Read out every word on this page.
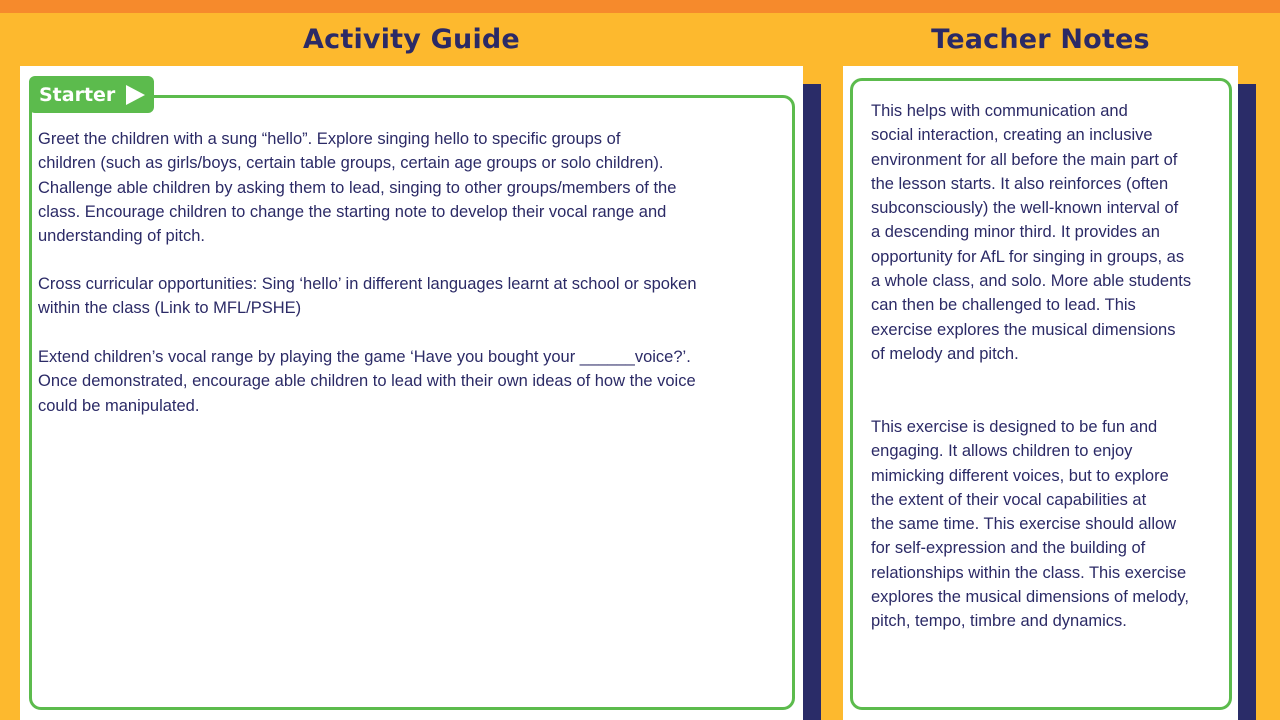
Activity Guide	Teacher Notes
Starter

Greet the children with a sung “hello”. Explore singing hello to specific groups of
children (such as girls/boys, certain table groups, certain age groups or solo children).
Challenge able children by asking them to lead, singing to other groups/members of the
class. Encourage children to change the starting note to develop their vocal range and
understanding of pitch.

Cross curricular opportunities: Sing ‘hello’ in different languages learnt at school or spoken
within the class (Link to MFL/PSHE)

Extend children’s vocal range by playing the game ‘Have you bought your ______voice?’.
Once demonstrated, encourage able children to lead with their own ideas of how the voice
could be manipulated.

This helps with communication and
social interaction, creating an inclusive
environment for all before the main part of
the lesson starts. It also reinforces (often
subconsciously) the well-known interval of
a descending minor third. It provides an
opportunity for AfL for singing in groups, as
a whole class, and solo. More able students
can then be challenged to lead. This
exercise explores the musical dimensions
of melody and pitch.

This exercise is designed to be fun and
engaging. It allows children to enjoy
mimicking different voices, but to explore
the extent of their vocal capabilities at
the same time. This exercise should allow
for self-expression and the building of
relationships within the class. This exercise
explores the musical dimensions of melody,
pitch, tempo, timbre and dynamics.
